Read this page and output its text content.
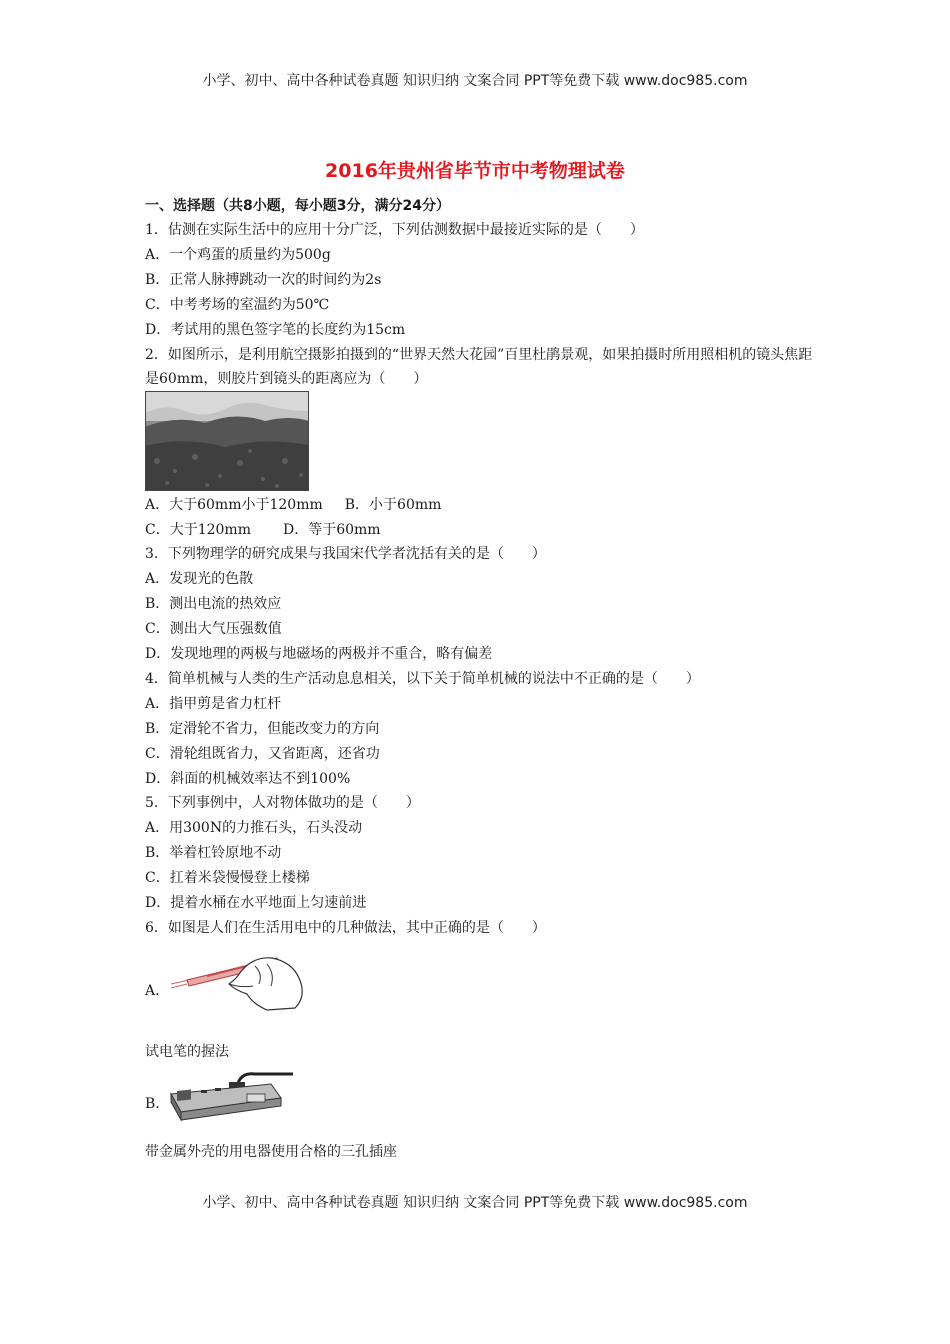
小学、初中、高中各种试卷真题 知识归纳 文案合同 PPT等免费下载 www.doc985.com
2016年贵州省毕节市中考物理试卷
一、选择题（共8小题，每小题3分，满分24分）
1．估测在实际生活中的应用十分广泛，下列估测数据中最接近实际的是（　　）
A．一个鸡蛋的质量约为500g
B．正常人脉搏跳动一次的时间约为2s
C．中考考场的室温约为50℃
D．考试用的黑色签字笔的长度约为15cm
2．如图所示，是利用航空摄影拍摄到的“世界天然大花园”百里杜鹃景观，如果拍摄时所用照相机的镜头焦距是60mm，则胶片到镜头的距离应为（　　）
A．大于60mm小于120mm B．小于60mm
C．大于120mm D．等于60mm
3．下列物理学的研究成果与我国宋代学者沈括有关的是（　　）
A．发现光的色散
B．测出电流的热效应
C．测出大气压强数值
D．发现地理的两极与地磁场的两极并不重合，略有偏差
4．简单机械与人类的生产活动息息相关，以下关于简单机械的说法中不正确的是（　　）
A．指甲剪是省力杠杆
B．定滑轮不省力，但能改变力的方向
C．滑轮组既省力，又省距离，还省功
D．斜面的机械效率达不到100%
5．下列事例中，人对物体做功的是（　　）
A．用300N的力推石头，石头没动
B．举着杠铃原地不动
C．扛着米袋慢慢登上楼梯
D．提着水桶在水平地面上匀速前进
6．如图是人们在生活用电中的几种做法，其中正确的是（　　）
A．
试电笔的握法
B．
带金属外壳的用电器使用合格的三孔插座
小学、初中、高中各种试卷真题 知识归纳 文案合同 PPT等免费下载 www.doc985.com
